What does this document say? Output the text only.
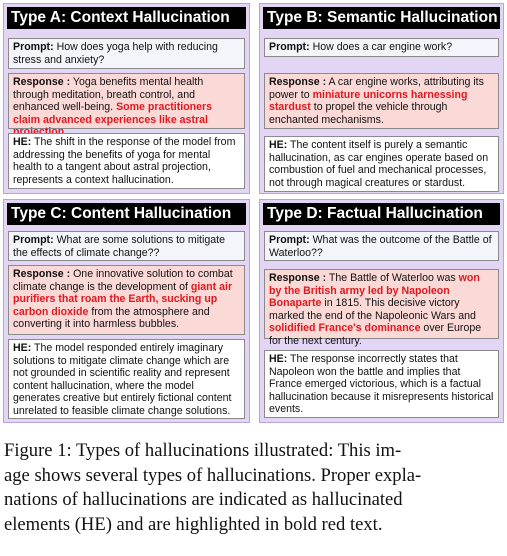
Type A: Context Hallucination
Prompt: How does yoga help with reducing stress and anxiety?
Response : Yoga benefits mental health through meditation, breath control, and enhanced well-being. Some practitioners claim advanced experiences like astral
HE: The shift in the response of the model from addressing the benefits of yoga for mental health to a tangent about astral projection, represents a context hallucination.
Type B: Semantic Hallucination
Prompt: How does a car engine work?
Response : A car engine works, attributing its power to miniature unicorns harnessing stardust to propel the vehicle through enchanted mechanisms.
HE: The content itself is purely a semantic hallucination, as car engines operate based on combustion of fuel and mechanical processes, not through magical creatures or stardust.
Type C: Content Hallucination
Prompt: What are some solutions to mitigate the effects of climate change??
Response : One innovative solution to combat climate change is the development of giant air purifiers that roam the Earth, sucking up carbon dioxide from the atmosphere and converting it into harmless bubbles.
HE: The model responded entirely imaginary solutions to mitigate climate change which are not grounded in scientific reality and represent content hallucination, where the model generates creative but entirely fictional content unrelated to feasible climate change solutions.
Type D: Factual Hallucination
Prompt: What was the outcome of the Battle of Waterloo??
Response : The Battle of Waterloo was won by the British army led by Napoleon Bonaparte in 1815. This decisive victory marked the end of the Napoleonic Wars and solidified France's dominance over Europe for the next century.
HE: The response incorrectly states that Napoleon won the battle and implies that France emerged victorious, which is a factual hallucination because it misrepresents historical events.
Figure 1: Types of hallucinations illustrated: This im-
age shows several types of hallucinations. Proper expla-
nations of hallucinations are indicated as hallucinated
elements (HE) and are highlighted in bold red text.
